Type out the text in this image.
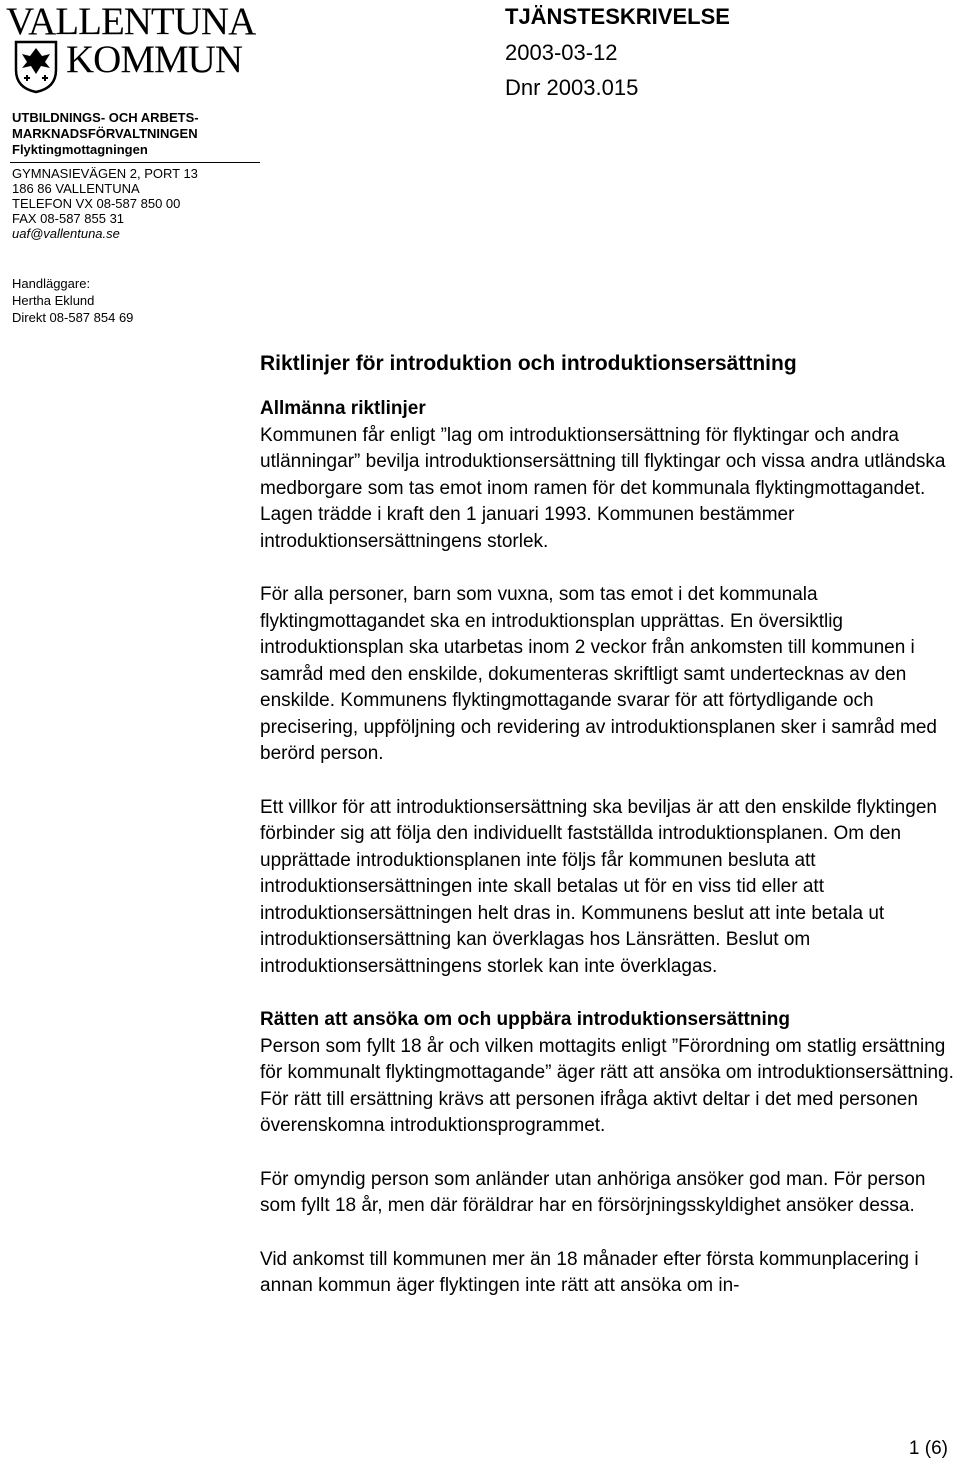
VALLENTUNA
KOMMUN
UTBILDNINGS- OCH ARBETS-
MARKNADSFÖRVALTNINGEN
Flyktingmottagningen
GYMNASIEVÄGEN 2, PORT 13
186 86 VALLENTUNA
TELEFON VX 08-587 850 00
FAX 08-587 855 31
uaf@vallentuna.se
Handläggare:
Hertha Eklund
Direkt 08-587 854 69
TJÄNSTESKRIVELSE
2003-03-12
Dnr 2003.015
Riktlinjer för introduktion och introduktionsersättning
Allmänna riktlinjer

Kommunen får enligt ”lag om introduktionsersättning för flyktingar och andra utlänningar” bevilja introduktionsersättning till flyktingar och vissa andra utländska medborgare som tas emot inom ramen för det kommunala flyktingmottagandet. Lagen trädde i kraft den 1 januari 1993. Kommunen bestämmer introduktionsersättningens storlek.

För alla personer, barn som vuxna, som tas emot i det kommunala flyktingmottagandet ska en introduktionsplan upprättas. En översiktlig introduktionsplan ska utarbetas inom 2 veckor från ankomsten till kommunen i samråd med den enskilde, dokumenteras skriftligt samt undertecknas av den enskilde. Kommunens flyktingmottagande svarar för att förtydligande och precisering, uppföljning och revidering av introduktionsplanen sker i samråd med berörd person.

Ett villkor för att introduktionsersättning ska beviljas är att den enskilde flyktingen förbinder sig att följa den individuellt fastställda introduktionsplanen. Om den upprättade introduktionsplanen inte följs får kommunen besluta att introduktionsersättningen inte skall betalas ut för en viss tid eller att introduktionsersättningen helt dras in. Kommunens beslut att inte betala ut introduktionsersättning kan överklagas hos Länsrätten. Beslut om introduktionsersättningens storlek kan inte överklagas.

Rätten att ansöka om och uppbära introduktionsersättning

Person som fyllt 18 år och vilken mottagits enligt ”Förordning om statlig ersättning för kommunalt flyktingmottagande” äger rätt att ansöka om introduktionsersättning. För rätt till ersättning krävs att personen ifråga aktivt deltar i det med personen överenskomna introduktionsprogrammet.

För omyndig person som anländer utan anhöriga ansöker god man. För person som fyllt 18 år, men där föräldrar har en försörjningsskyldighet ansöker dessa.

Vid ankomst till kommunen mer än 18 månader efter första kommunplacering i annan kommun äger flyktingen inte rätt att ansöka om in-

1 (6)
